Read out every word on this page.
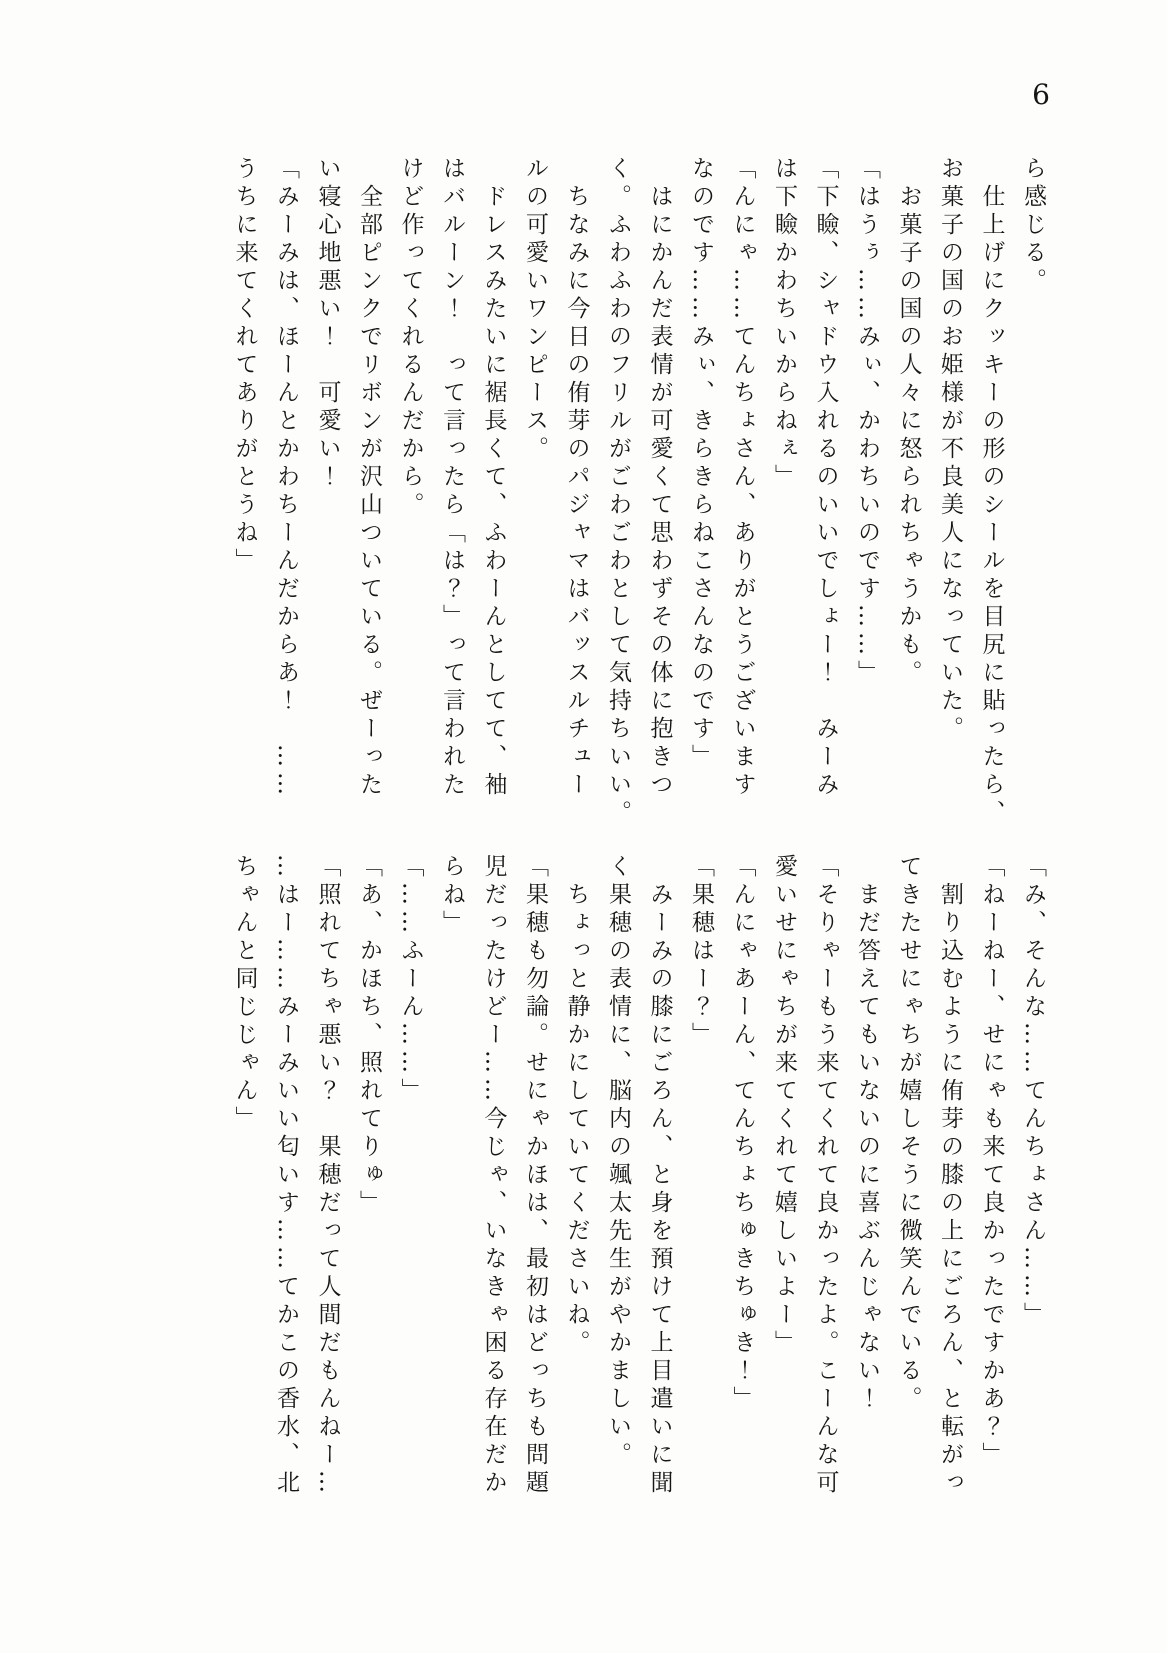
6

ら感じる。

　仕上げにクッキーの形のシールを目尻に貼ったら、

お菓子の国のお姫様が不良美人になっていた。

　お菓子の国の人々に怒られちゃうかも。

「はうぅ……みぃ、かわちいのです……」

「下瞼、シャドウ入れるのいいでしょー！　みーみ

は下瞼かわちいからねぇ」

「んにゃ……てんちょさん、ありがとうございます

なのです……みぃ、きらきらねこさんなのです」

　はにかんだ表情が可愛くて思わずその体に抱きつ

く。ふわふわのフリルがごわごわとして気持ちいい。

　ちなみに今日の侑芽のパジャマはバッスルチュー

ルの可愛いワンピース。

　ドレスみたいに裾長くて、ふわーんとしてて、袖

はバルーン！　って言ったら「は？」って言われた

けど作ってくれるんだから。

　全部ピンクでリボンが沢山ついている。ぜーった

い寝心地悪い！　可愛い！

「みーみは、ほーんとかわちーんだからあ！　……

うちに来てくれてありがとうね」

「み、そんな……てんちょさん……」

「ねーねー、せにゃも来て良かったですかあ？」

　割り込むように侑芽の膝の上にごろん、と転がっ

てきたせにゃちが嬉しそうに微笑んでいる。

　まだ答えてもいないのに喜ぶんじゃない！

「そりゃーもう来てくれて良かったよ。こーんな可

愛いせにゃちが来てくれて嬉しいよー」

「んにゃあーん、てんちょちゅきちゅき！」

「果穂はー？」

　みーみの膝にごろん、と身を預けて上目遣いに聞

く果穂の表情に、脳内の颯太先生がやかましい。

　ちょっと静かにしていてくださいね。

「果穂も勿論。せにゃかほは、最初はどっちも問題

児だったけどー……今じゃ、いなきゃ困る存在だか

らね」

「……ふーん……」

「あ、かほち、照れてりゅ」

「照れてちゃ悪い？　果穂だって人間だもんねー…

…はー……みーみいい匂いす……てかこの香水、北

ちゃんと同じじゃん」
